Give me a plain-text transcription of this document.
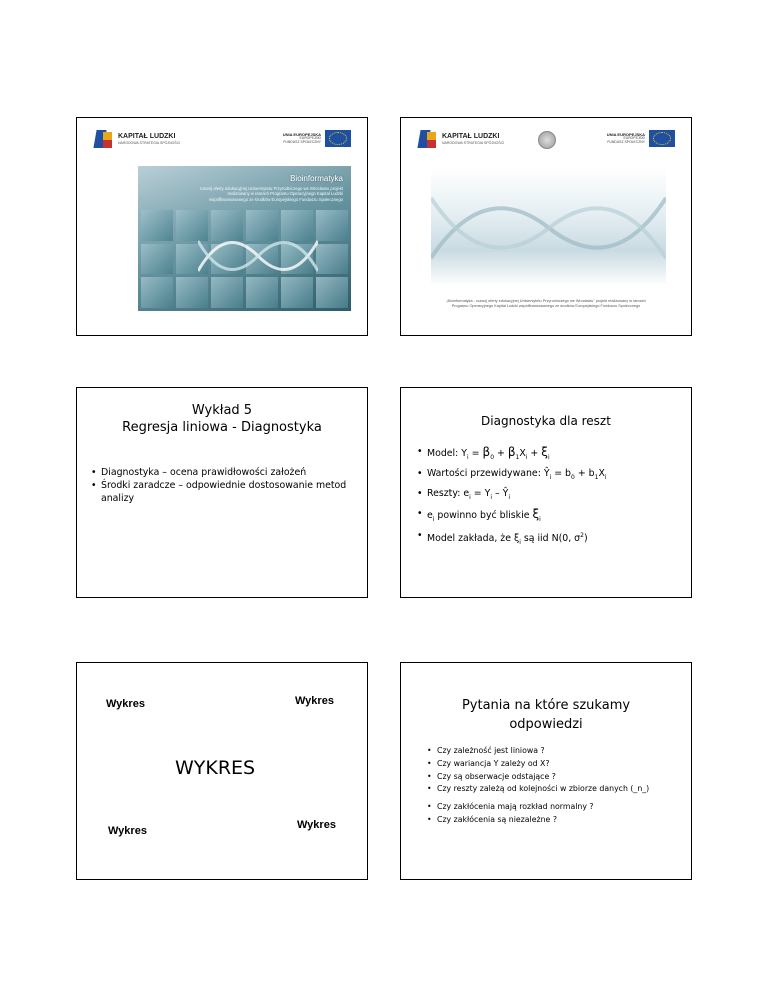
KAPITAŁ LUDZKI
NARODOWA STRATEGIA SPÓJNOŚCI
UNIA EUROPEJSKA
EUROPEJSKI
FUNDUSZ SPOŁECZNY
Bioinformatyka
rozwój oferty edukacyjnej Uniwersytetu Przyrodniczego we Wrocławiu projekt realizowany w ramach Programu Operacyjnego Kapitał Ludzki współfinansowanego ze środków Europejskiego Funduszu Społecznego
KAPITAŁ LUDZKI
NARODOWA STRATEGIA SPÓJNOŚCI
UNIA EUROPEJSKA
EUROPEJSKI
FUNDUSZ SPOŁECZNY
„Bioinformatyka - rozwój oferty edukacyjnej Uniwersytetu Przyrodniczego we Wrocławiu" projekt realizowany w ramach Programu Operacyjnego Kapitał Ludzki współfinansowanego ze środków Europejskiego Funduszu Społecznego
Wykład 5
Regresja liniowa - Diagnostyka
• Diagnostyka – ocena prawidłowości założeń
• Środki zaradcze – odpowiednie dostosowanie metod analizy
Diagnostyka dla reszt
• Model: $Y_i = \beta_0 + \beta_1X_i + \xi_i$
• Wartości przewidywane: $Ŷ_i = b_0 + b_1X_i$
• Reszty: $e_i = Y_i$ – $Ŷ_i$
• $e_i$ powinno być bliskie $\xi_i$
• Model zakłada, że $\xi_i$ są iid N(0, $\sigma^2$)
Wykres	Wykres
WYKRES
Wykres	Wykres
Pytania na które szukamy
odpowiedzi
• Czy zależność jest liniowa ?
• Czy wariancja Y zależy od X?
• Czy są obserwacje odstające ?
• Czy reszty zależą od kolejności w zbiorze danych (_n_)
• Czy zakłócenia mają rozkład normalny ?
• Czy zakłócenia są niezależne ?
